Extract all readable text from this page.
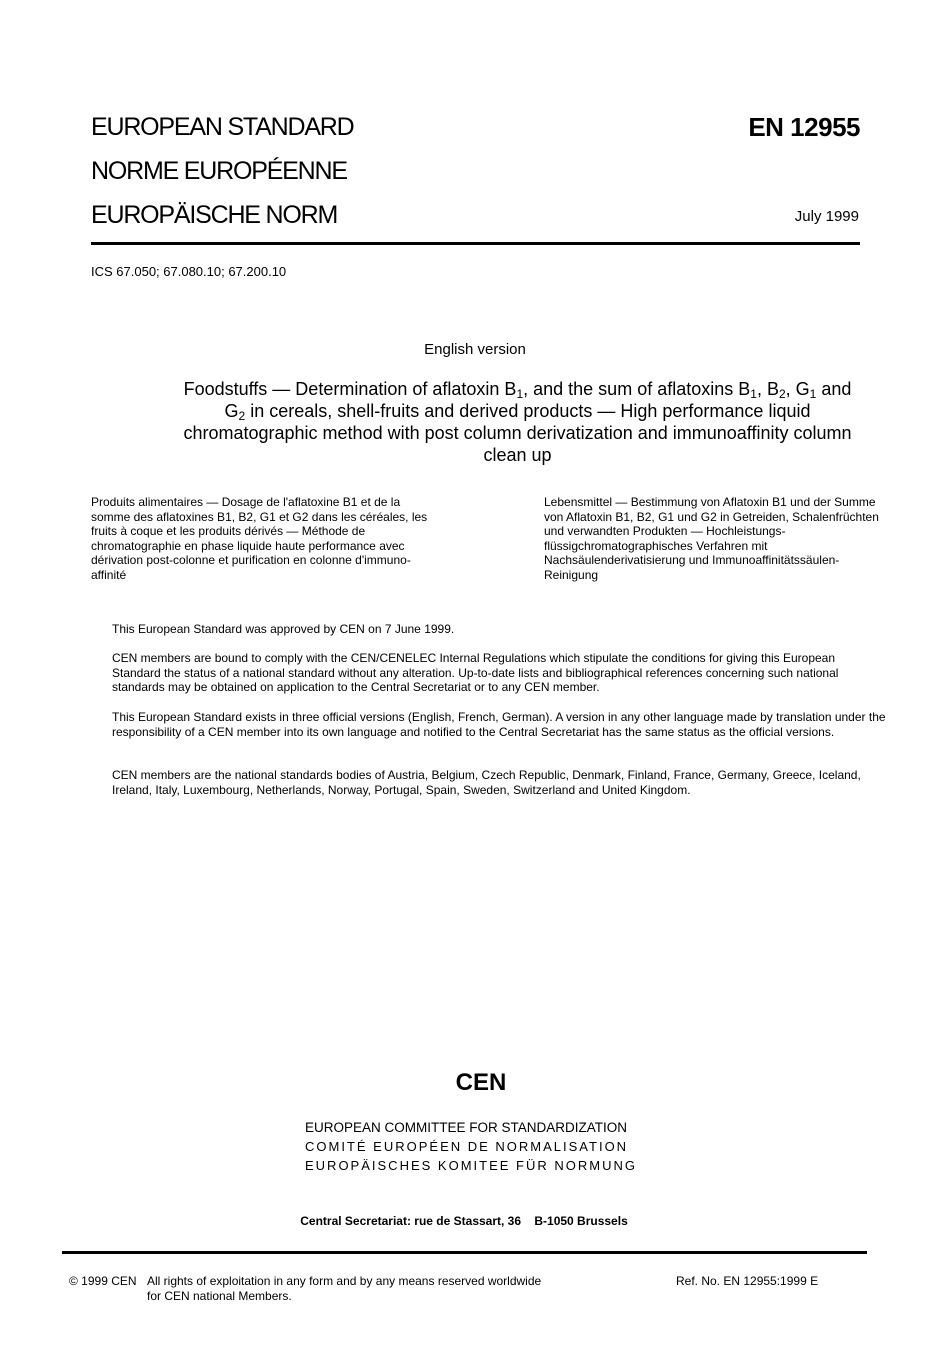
EUROPEAN STANDARD
NORME EUROPÉENNE
EUROPÄISCHE NORM
EN 12955
July 1999
ICS 67.050; 67.080.10; 67.200.10
English version
Foodstuffs — Determination of aflatoxin $B_1$, and the sum of aflatoxins $B_1$, $B_2$, $G_1$ and $G_2$ in cereals, shell-fruits and derived products — High performance liquid chromatographic method with post column derivatization and immunoaffinity column clean up
Produits alimentaires — Dosage de l'aflatoxine B1 et de la somme des aflatoxines B1, B2, G1 et G2 dans les céréales, les fruits à coque et les produits dérivés — Méthode de chromatographie en phase liquide haute performance avec dérivation post-colonne et purification en colonne d'immuno-affinité
Lebensmittel — Bestimmung von Aflatoxin B1 und der Summe von Aflatoxin B1, B2, G1 und G2 in Getreiden, Schalenfrüchten und verwandten Produkten — Hochleistungs-flüssigchromatographisches Verfahren mit Nachsäulenderivatisierung und Immunoaffinitätssäulen-Reinigung
This European Standard was approved by CEN on 7 June 1999.
CEN members are bound to comply with the CEN/CENELEC Internal Regulations which stipulate the conditions for giving this European Standard the status of a national standard without any alteration. Up-to-date lists and bibliographical references concerning such national standards may be obtained on application to the Central Secretariat or to any CEN member.
This European Standard exists in three official versions (English, French, German). A version in any other language made by translation under the responsibility of a CEN member into its own language and notified to the Central Secretariat has the same status as the official versions.
CEN members are the national standards bodies of Austria, Belgium, Czech Republic, Denmark, Finland, France, Germany, Greece, Iceland, Ireland, Italy, Luxembourg, Netherlands, Norway, Portugal, Spain, Sweden, Switzerland and United Kingdom.
CEN
EUROPEAN COMMITTEE FOR STANDARDIZATION
COMITÉ EUROPÉEN DE NORMALISATION
EUROPÄISCHES KOMITEE FÜR NORMUNG
Central Secretariat: rue de Stassart, 36    B-1050 Brussels
© 1999 CEN All rights of exploitation in any form and by any means reserved worldwide for CEN national Members.
Ref. No. EN 12955:1999 E
